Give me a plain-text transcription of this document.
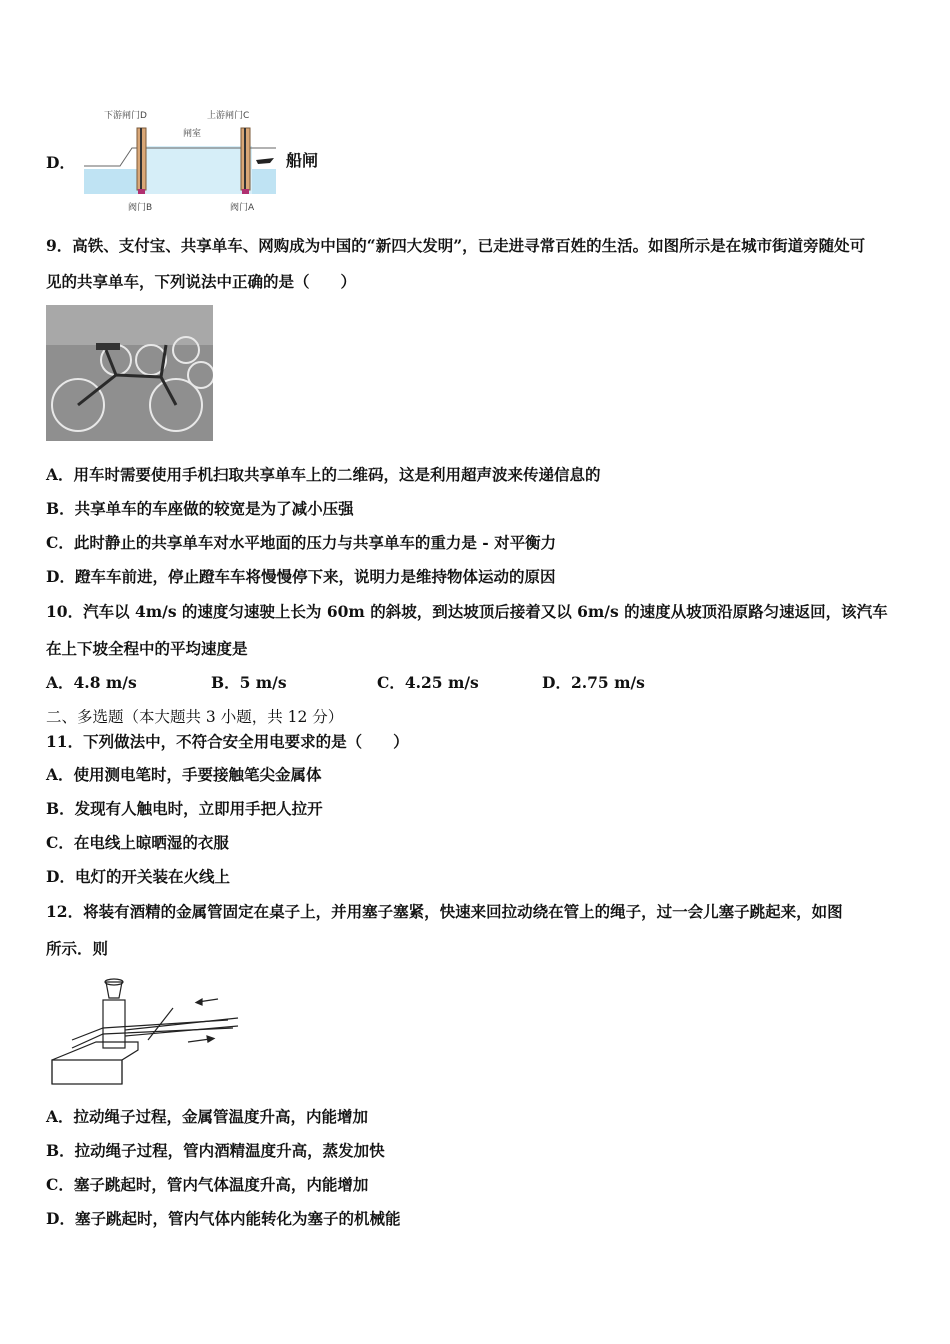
D．
下游闸门D	上游闸门C
闸室
阀门B	阀门A
船闸
9．高铁、支付宝、共享单车、网购成为中国的“新四大发明”，已走进寻常百姓的生活。如图所示是在城市街道旁随处可
见的共享单车，下列说法中正确的是（　　）
A．用车时需要使用手机扫取共享单车上的二维码，这是利用超声波来传递信息的
B．共享单车的车座做的较宽是为了减小压强
C．此时静止的共享单车对水平地面的压力与共享单车的重力是 - 对平衡力
D．蹬车车前进，停止蹬车车将慢慢停下来，说明力是维持物体运动的原因
10．汽车以 4m/s 的速度匀速驶上长为 60m 的斜坡，到达坡顶后接着又以 6m/s 的速度从坡顶沿原路匀速返回，该汽车
在上下坡全程中的平均速度是
A．4.8 m/s	B．5 m/s	C．4.25 m/s	D．2.75 m/s
二、多选题（本大题共 3 小题，共 12 分）
11．下列做法中，不符合安全用电要求的是（　　）
A．使用测电笔时，手要接触笔尖金属体
B．发现有人触电时，立即用手把人拉开
C．在电线上晾晒湿的衣服
D．电灯的开关装在火线上
12．将装有酒精的金属管固定在桌子上，并用塞子塞紧，快速来回拉动绕在管上的绳子，过一会儿塞子跳起来，如图
所示．则
A．拉动绳子过程，金属管温度升高，内能增加
B．拉动绳子过程，管内酒精温度升高，蒸发加快
C．塞子跳起时，管内气体温度升高，内能增加
D．塞子跳起时，管内气体内能转化为塞子的机械能
